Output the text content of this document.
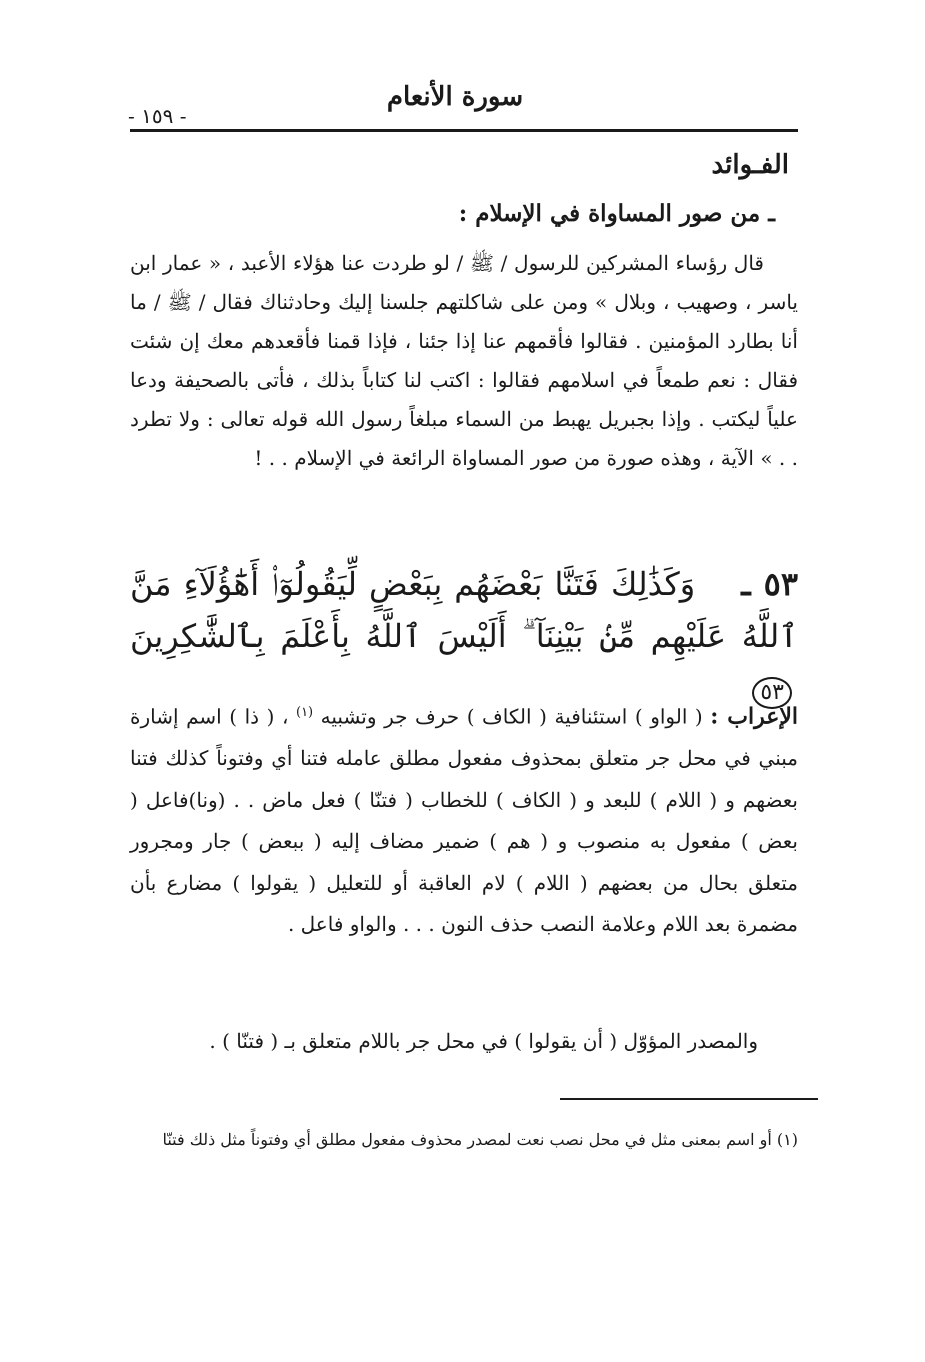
سورة الأنعام
- ١٥٩ -
الفـوائد
ـ من صور المساواة في الإسلام :
قال رؤساء المشركين للرسول / ﷺ / لو طردت عنا هؤلاء الأعبد ، « عمار ابن ياسر ، وصهيب ، وبلال » ومن على شاكلتهم جلسنا إليك وحادثناك فقال / ﷺ / ما أنا بطارد المؤمنين . فقالوا فأقمهم عنا إذا جئنا ، فإذا قمنا فأقعدهم معك إن شئت فقال : نعم طمعاً في اسلامهم فقالوا : اكتب لنا كتاباً بذلك ، فأتى بالصحيفة ودعا علياً ليكتب . وإذا بجبريل يهبط من السماء مبلغاً رسول الله قوله تعالى : ولا تطرد . . » الآية ، وهذه صورة من صور المساواة الرائعة في الإسلام . . !
٥٣ ـ وَكَذَٰلِكَ فَتَنَّا بَعْضَهُم بِبَعْضٍ لِّيَقُولُوٓا۟ أَهَٰٓؤُلَآءِ مَنَّ ٱللَّهُ عَلَيْهِم مِّنۢ بَيْنِنَآ ۗ أَلَيْسَ ٱللَّهُ بِأَعْلَمَ بِٱلشَّٰكِرِينَ ٥٣
الإعراب : ( الواو ) استئنافية ( الكاف ) حرف جر وتشبيه $^{(١)}$ ، ( ذا ) اسم إشارة مبني في محل جر متعلق بمحذوف مفعول مطلق عامله فتنا أي وفتوناً كذلك فتنا بعضهم و ( اللام ) للبعد و ( الكاف ) للخطاب ( فتنّا ) فعل ماض . . (ونا)فاعل ( بعض ) مفعول به منصوب و ( هم ) ضمير مضاف إليه ( ببعض ) جار ومجرور متعلق بحال من بعضهم ( اللام ) لام العاقبة أو للتعليل ( يقولوا ) مضارع بأن مضمرة بعد اللام وعلامة النصب حذف النون . . . والواو فاعل .
والمصدر المؤوّل ( أن يقولوا ) في محل جر باللام متعلق بـ ( فتنّا ) .
(١) أو اسم بمعنى مثل في محل نصب نعت لمصدر محذوف مفعول مطلق أي وفتوناً مثل ذلك فتنّا
